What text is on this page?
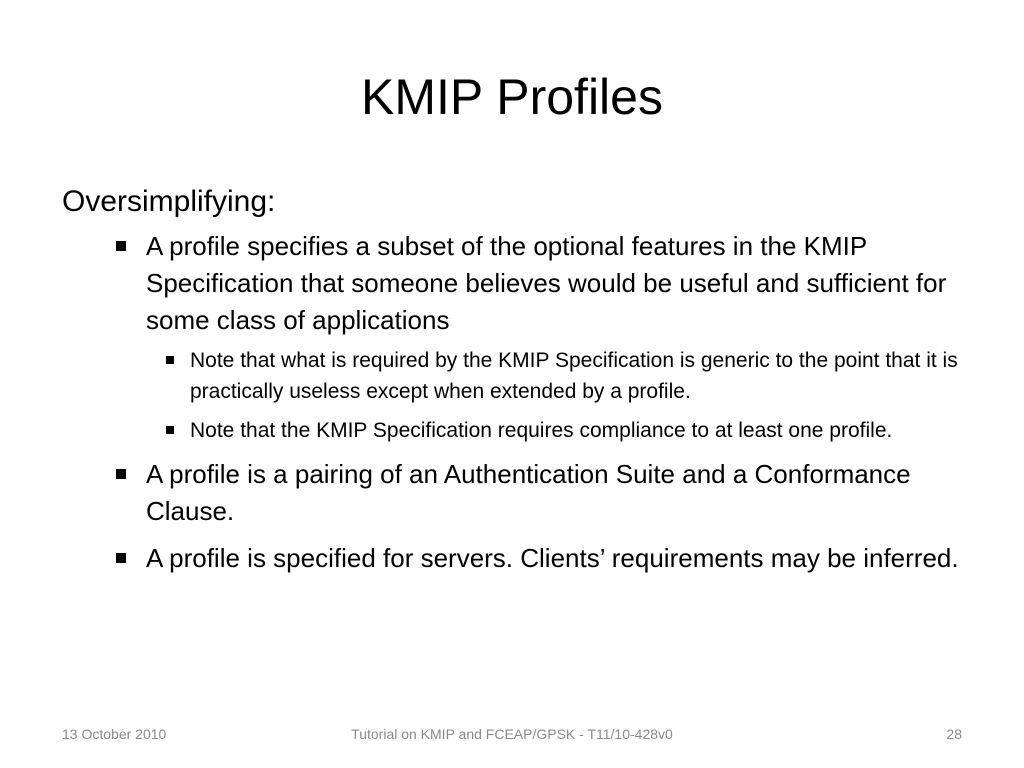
KMIP Profiles
Oversimplifying:
A profile specifies a subset of the optional features in the KMIP Specification that someone believes would be useful and sufficient for some class of applications
Note that what is required by the KMIP Specification is generic to the point that it is practically useless except when extended by a profile.
Note that the KMIP Specification requires compliance to at least one profile.
A profile is a pairing of an Authentication Suite and a Conformance Clause.
A profile is specified for servers. Clients’ requirements may be inferred.
Tutorial on KMIP and FCEAP/GPSK - T11/10-428v0
13 October 2010	28
